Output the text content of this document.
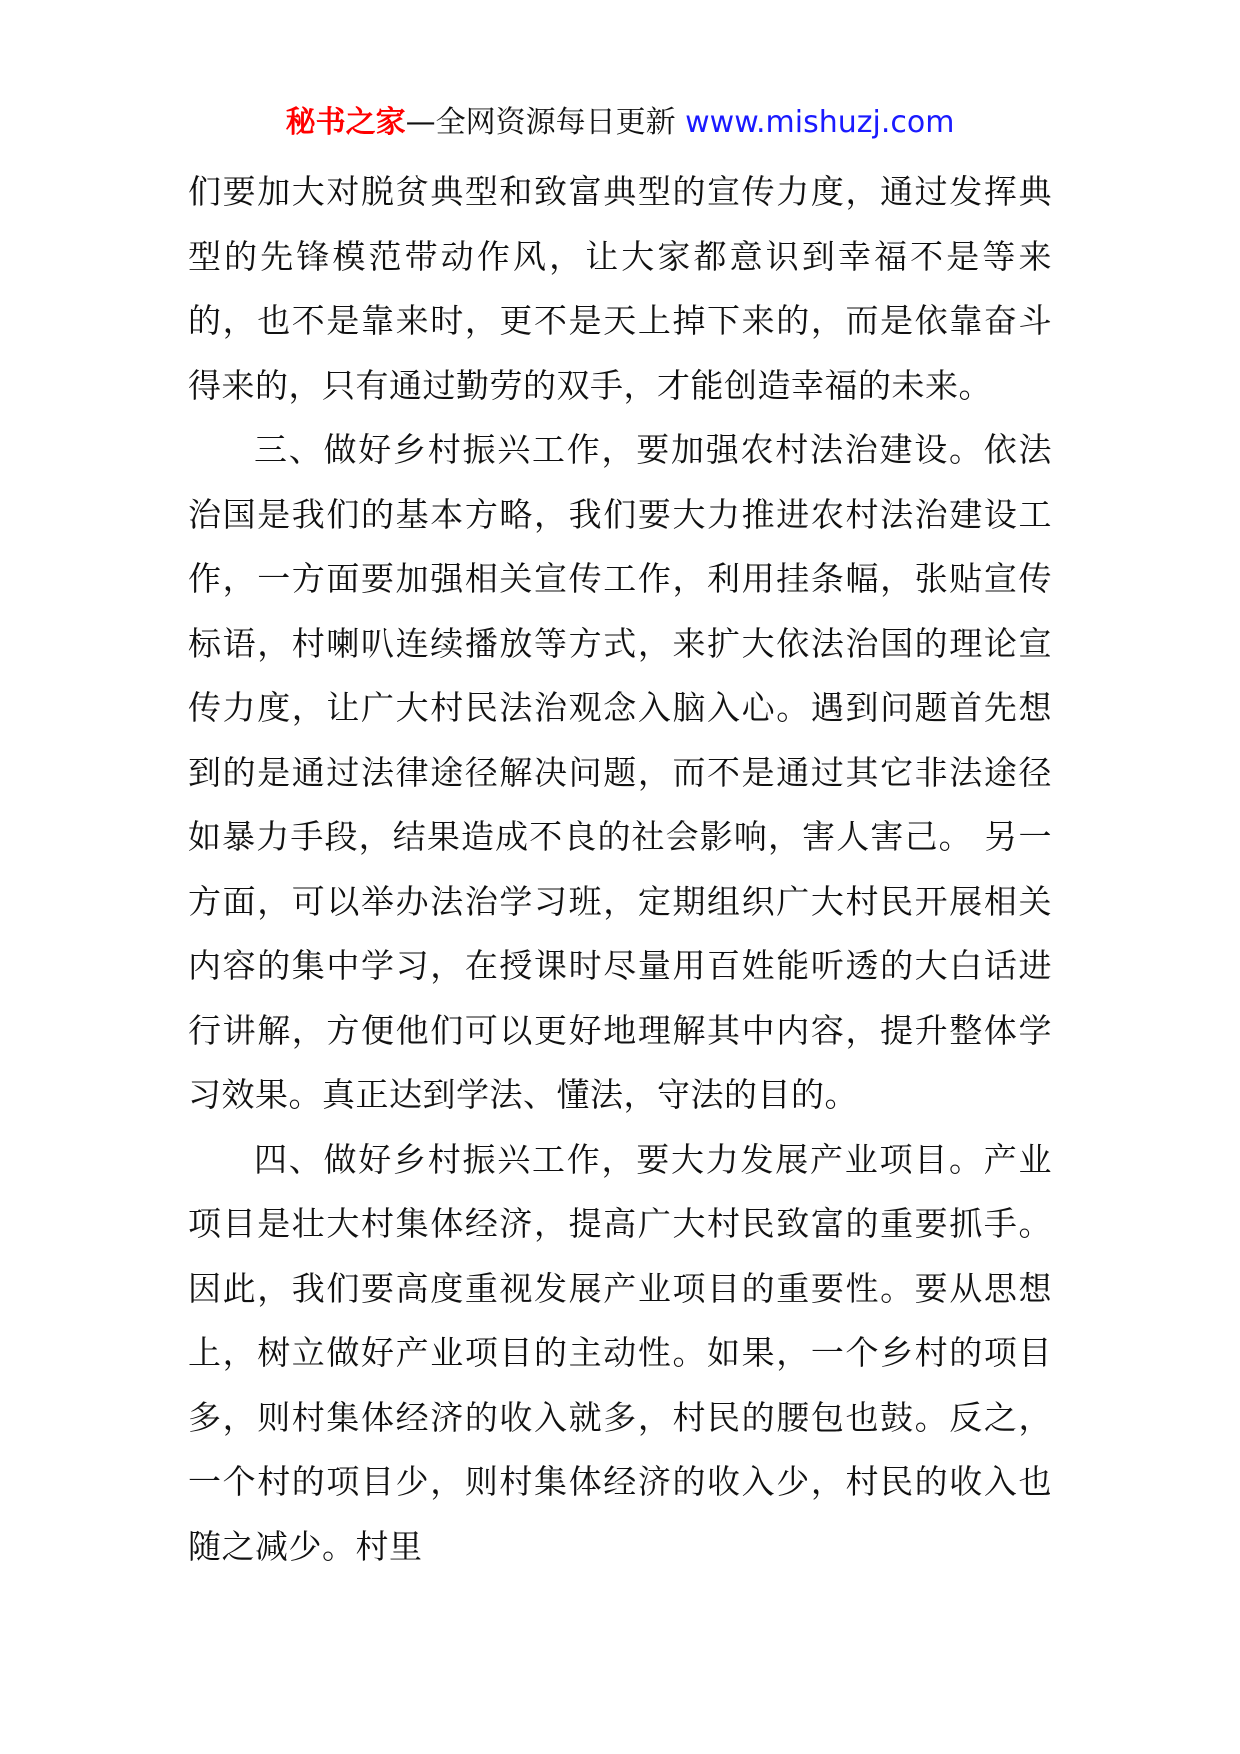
秘书之家—全网资源每日更新 www.mishuzj.com

们要加大对脱贫典型和致富典型的宣传力度，通过发挥典型的先锋模范带动作风，让大家都意识到幸福不是等来的，也不是靠来时，更不是天上掉下来的，而是依靠奋斗得来的，只有通过勤劳的双手，才能创造幸福的未来。

三、做好乡村振兴工作，要加强农村法治建设。依法治国是我们的基本方略，我们要大力推进农村法治建设工作，一方面要加强相关宣传工作，利用挂条幅，张贴宣传标语，村喇叭连续播放等方式，来扩大依法治国的理论宣传力度，让广大村民法治观念入脑入心。遇到问题首先想到的是通过法律途径解决问题，而不是通过其它非法途径如暴力手段，结果造成不良的社会影响，害人害己。 另一方面，可以举办法治学习班，定期组织广大村民开展相关内容的集中学习，在授课时尽量用百姓能听透的大白话进行讲解，方便他们可以更好地理解其中内容，提升整体学习效果。真正达到学法、懂法，守法的目的。

四、做好乡村振兴工作，要大力发展产业项目。产业项目是壮大村集体经济，提高广大村民致富的重要抓手。因此，我们要高度重视发展产业项目的重要性。要从思想上，树立做好产业项目的主动性。如果，一个乡村的项目多，则村集体经济的收入就多，村民的腰包也鼓。反之，一个村的项目少，则村集体经济的收入少，村民的收入也随之减少。村里
